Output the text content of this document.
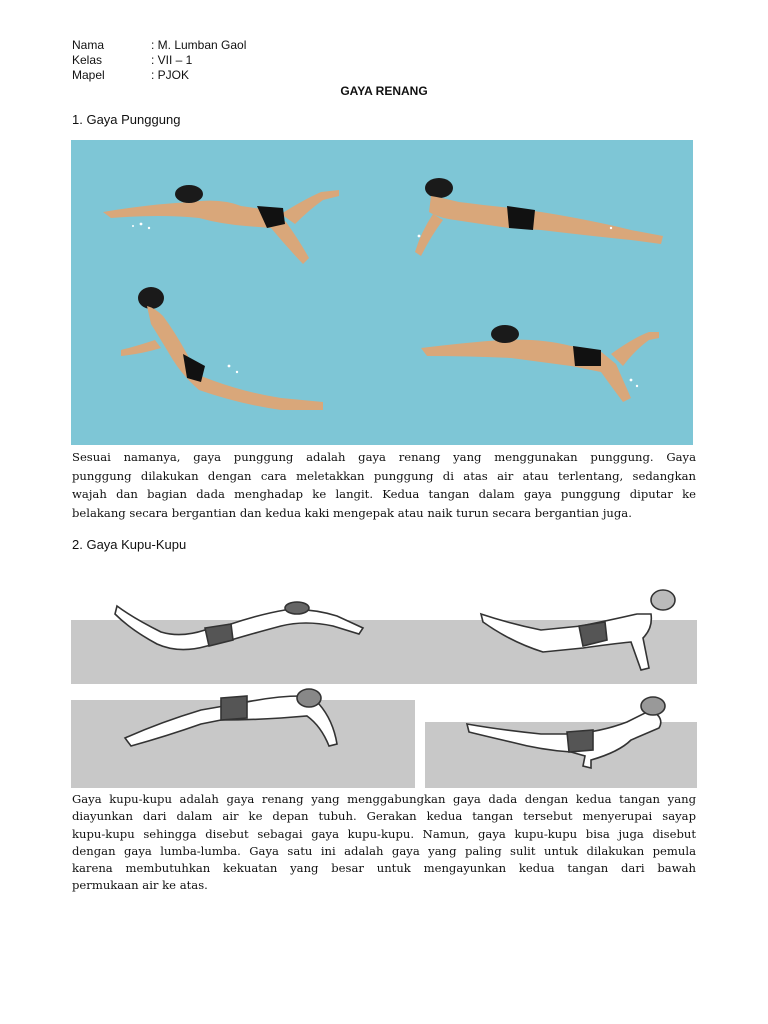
Nama	: M. Lumban Gaol
Kelas	: VII – 1
Mapel	: PJOK
GAYA RENANG
1. Gaya Punggung
Sesuai namanya, gaya punggung adalah gaya renang yang menggunakan punggung. Gaya
punggung dilakukan dengan cara meletakkan punggung di atas air atau terlentang, sedangkan
wajah dan bagian dada menghadap ke langit. Kedua tangan dalam gaya punggung diputar ke
belakang secara bergantian dan kedua kaki mengepak atau naik turun secara bergantian juga.
2. Gaya Kupu-Kupu
Gaya kupu-kupu adalah gaya renang yang menggabungkan gaya dada dengan kedua tangan yang
diayunkan dari dalam air ke depan tubuh. Gerakan kedua tangan tersebut menyerupai sayap
kupu-kupu sehingga disebut sebagai gaya kupu-kupu. Namun, gaya kupu-kupu bisa juga disebut
dengan gaya lumba-lumba. Gaya satu ini adalah gaya yang paling sulit untuk dilakukan pemula
karena membutuhkan kekuatan yang besar untuk mengayunkan kedua tangan dari bawah
permukaan air ke atas.
